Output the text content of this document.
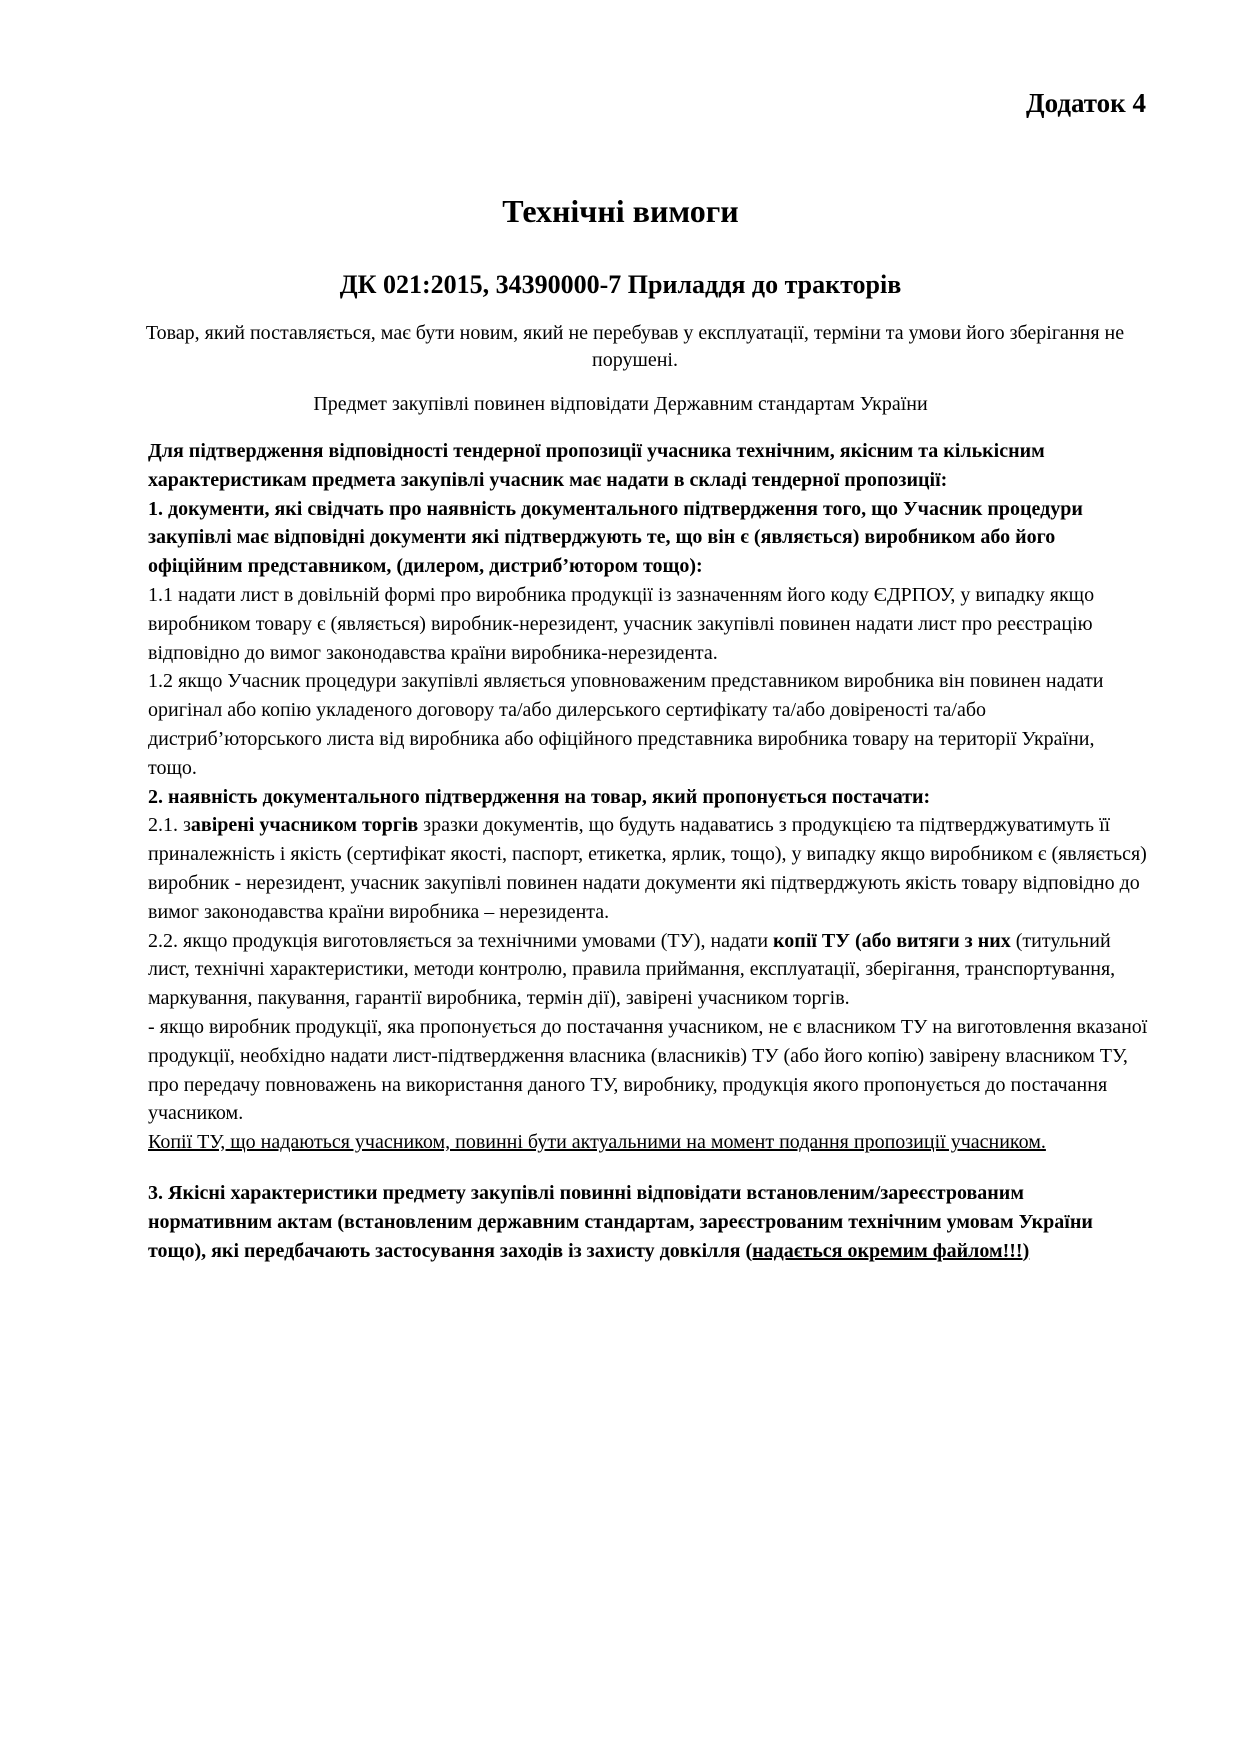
Додаток 4
Технічні вимоги
ДК 021:2015, 34390000-7 Приладдя до тракторів
Товар, який поставляється, має бути новим, який не перебував у експлуатації, терміни та умови його зберігання не порушені.
Предмет закупівлі повинен відповідати Державним стандартам України

Для підтвердження відповідності тендерної пропозиції учасника технічним, якісним та кількісним характеристикам предмета закупівлі учасник має надати в складі тендерної пропозиції:

1. документи, які свідчать про наявність документального підтвердження того, що Учасник процедури закупівлі має відповідні документи які підтверджують те, що він є (являється) виробником або його офіційним представником, (дилером, дистриб’ютором тощо):

1.1 надати лист в довільній формі про виробника продукції із зазначенням його коду ЄДРПОУ, у випадку якщо виробником товару є (являється) виробник-нерезидент, учасник закупівлі повинен надати лист про реєстрацію відповідно до вимог законодавства країни виробника-нерезидента.

1.2 якщо Учасник процедури закупівлі являється уповноваженим представником виробника він повинен надати оригінал або копію укладеного договору та/або дилерського сертифікату та/або довіреності та/або дистриб’юторського листа від виробника або офіційного представника виробника товару на території України, тощо.

2. наявність документального підтвердження на товар, який пропонується постачати:

2.1. завірені учасником торгів зразки документів, що будуть надаватись з продукцією та підтверджуватимуть її приналежність і якість (сертифікат якості, паспорт, етикетка, ярлик, тощо), у випадку якщо виробником є (являється) виробник - нерезидент, учасник закупівлі повинен надати документи які підтверджують якість товару відповідно до вимог законодавства країни виробника – нерезидента.

2.2. якщо продукція виготовляється за технічними умовами (ТУ), надати копії ТУ (або витяги з них (титульний лист, технічні характеристики, методи контролю, правила приймання, експлуатації, зберігання, транспортування, маркування, пакування, гарантії виробника, термін дії), завірені учасником торгів.

- якщо виробник продукції, яка пропонується до постачання учасником, не є власником ТУ на виготовлення вказаної продукції, необхідно надати лист-підтвердження власника (власників) ТУ (або його копію) завірену власником ТУ, про передачу повноважень на використання даного ТУ, виробнику, продукція якого пропонується до постачання учасником.

Копії ТУ, що надаються учасником, повинні бути актуальними на момент подання пропозиції учасником.

3. Якісні характеристики предмету закупівлі повинні відповідати встановленим/зареєстрованим нормативним актам (встановленим державним стандартам, зареєстрованим технічним умовам України тощо), які передбачають застосування заходів із захисту довкілля (надається окремим файлом!!!)
